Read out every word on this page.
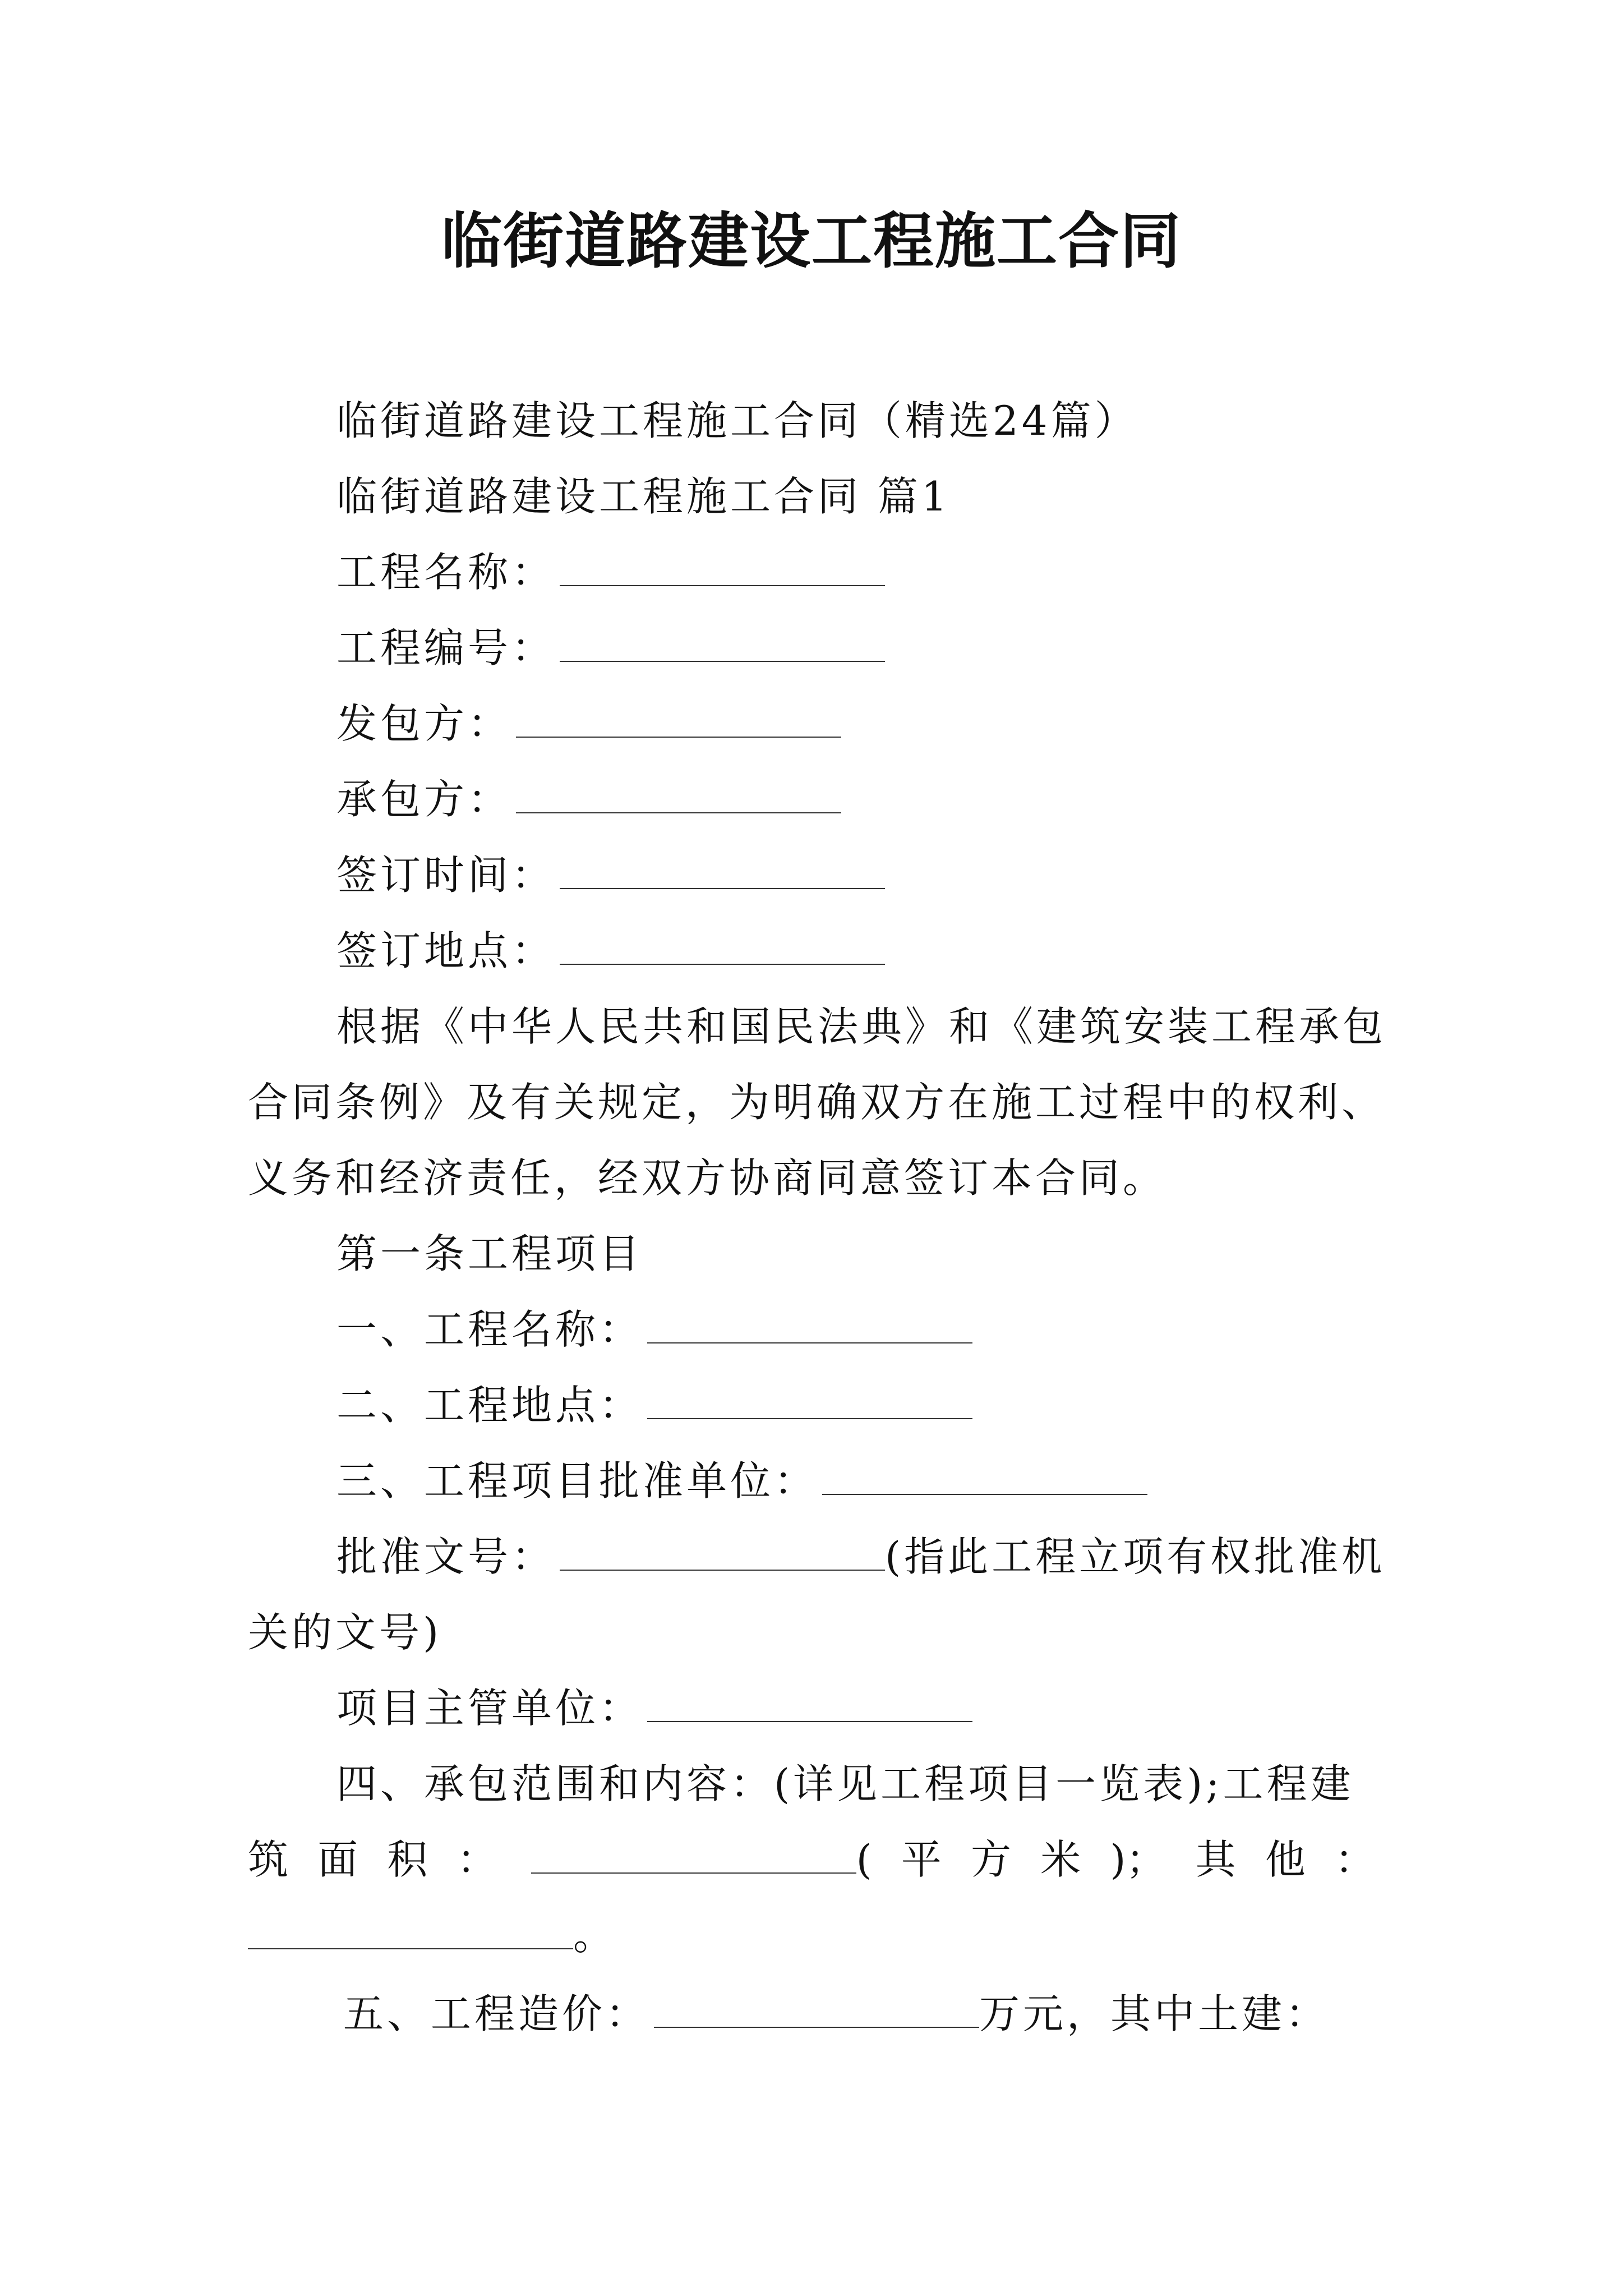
临街道路建设工程施工合同
临街道路建设工程施工合同（精选24篇）
临街道路建设工程施工合同 篇1
工程名称：
工程编号：
发包方：
承包方：
签订时间：
签订地点：
根据《中华人民共和国民法典》和《建筑安装工程承包
合同条例》及有关规定，为明确双方在施工过程中的权利、
义务和经济责任，经双方协商同意签订本合同。
第一条工程项目
一、工程名称：
二、工程地点：
三、工程项目批准单位：
批准文号：	(指此工程立项有权批准机
关的文号)
项目主管单位：
四、承包范围和内容：(详见工程项目一览表);工程建
筑 面 积 ：	( 平 方 米 )； 其 他 ：
。
五、工程造价：	万元，其中土建：
